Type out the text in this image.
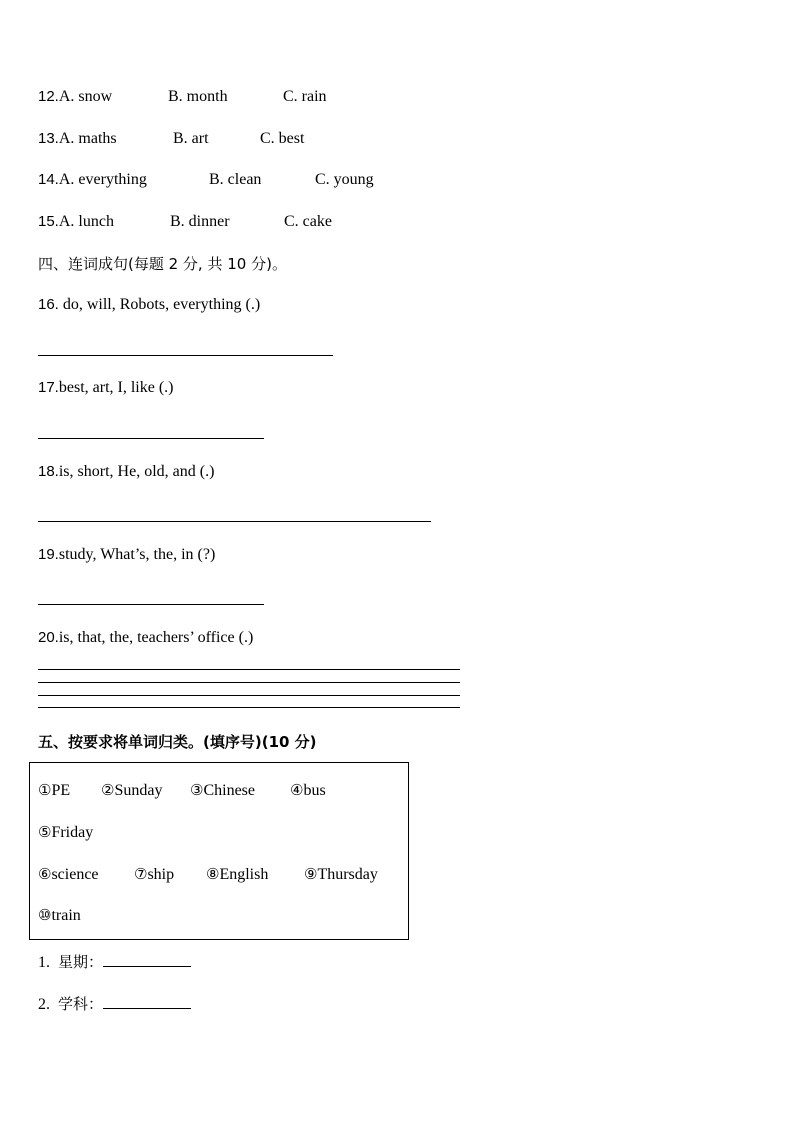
12.A. snow	B. month	C. rain
13.A. maths	B. art	C. best
14.A. everything	B. clean	C. young
15.A. lunch	B. dinner	C. cake
四、连词成句(每题 2 分, 共 10 分)。
16. do, will, Robots, everything (.)
17.best, art, I, like (.)
18.is, short, He, old, and (.)
19.study, What’s, the, in (?)
20.is, that, the, teachers’ office (.)
五、按要求将单词归类。(填序号)(10 分)
①PE ②Sunday ③Chinese ④bus
⑤Friday
⑥science ⑦ship ⑧English ⑨Thursday
⑩train
1. 星期：
2. 学科：
